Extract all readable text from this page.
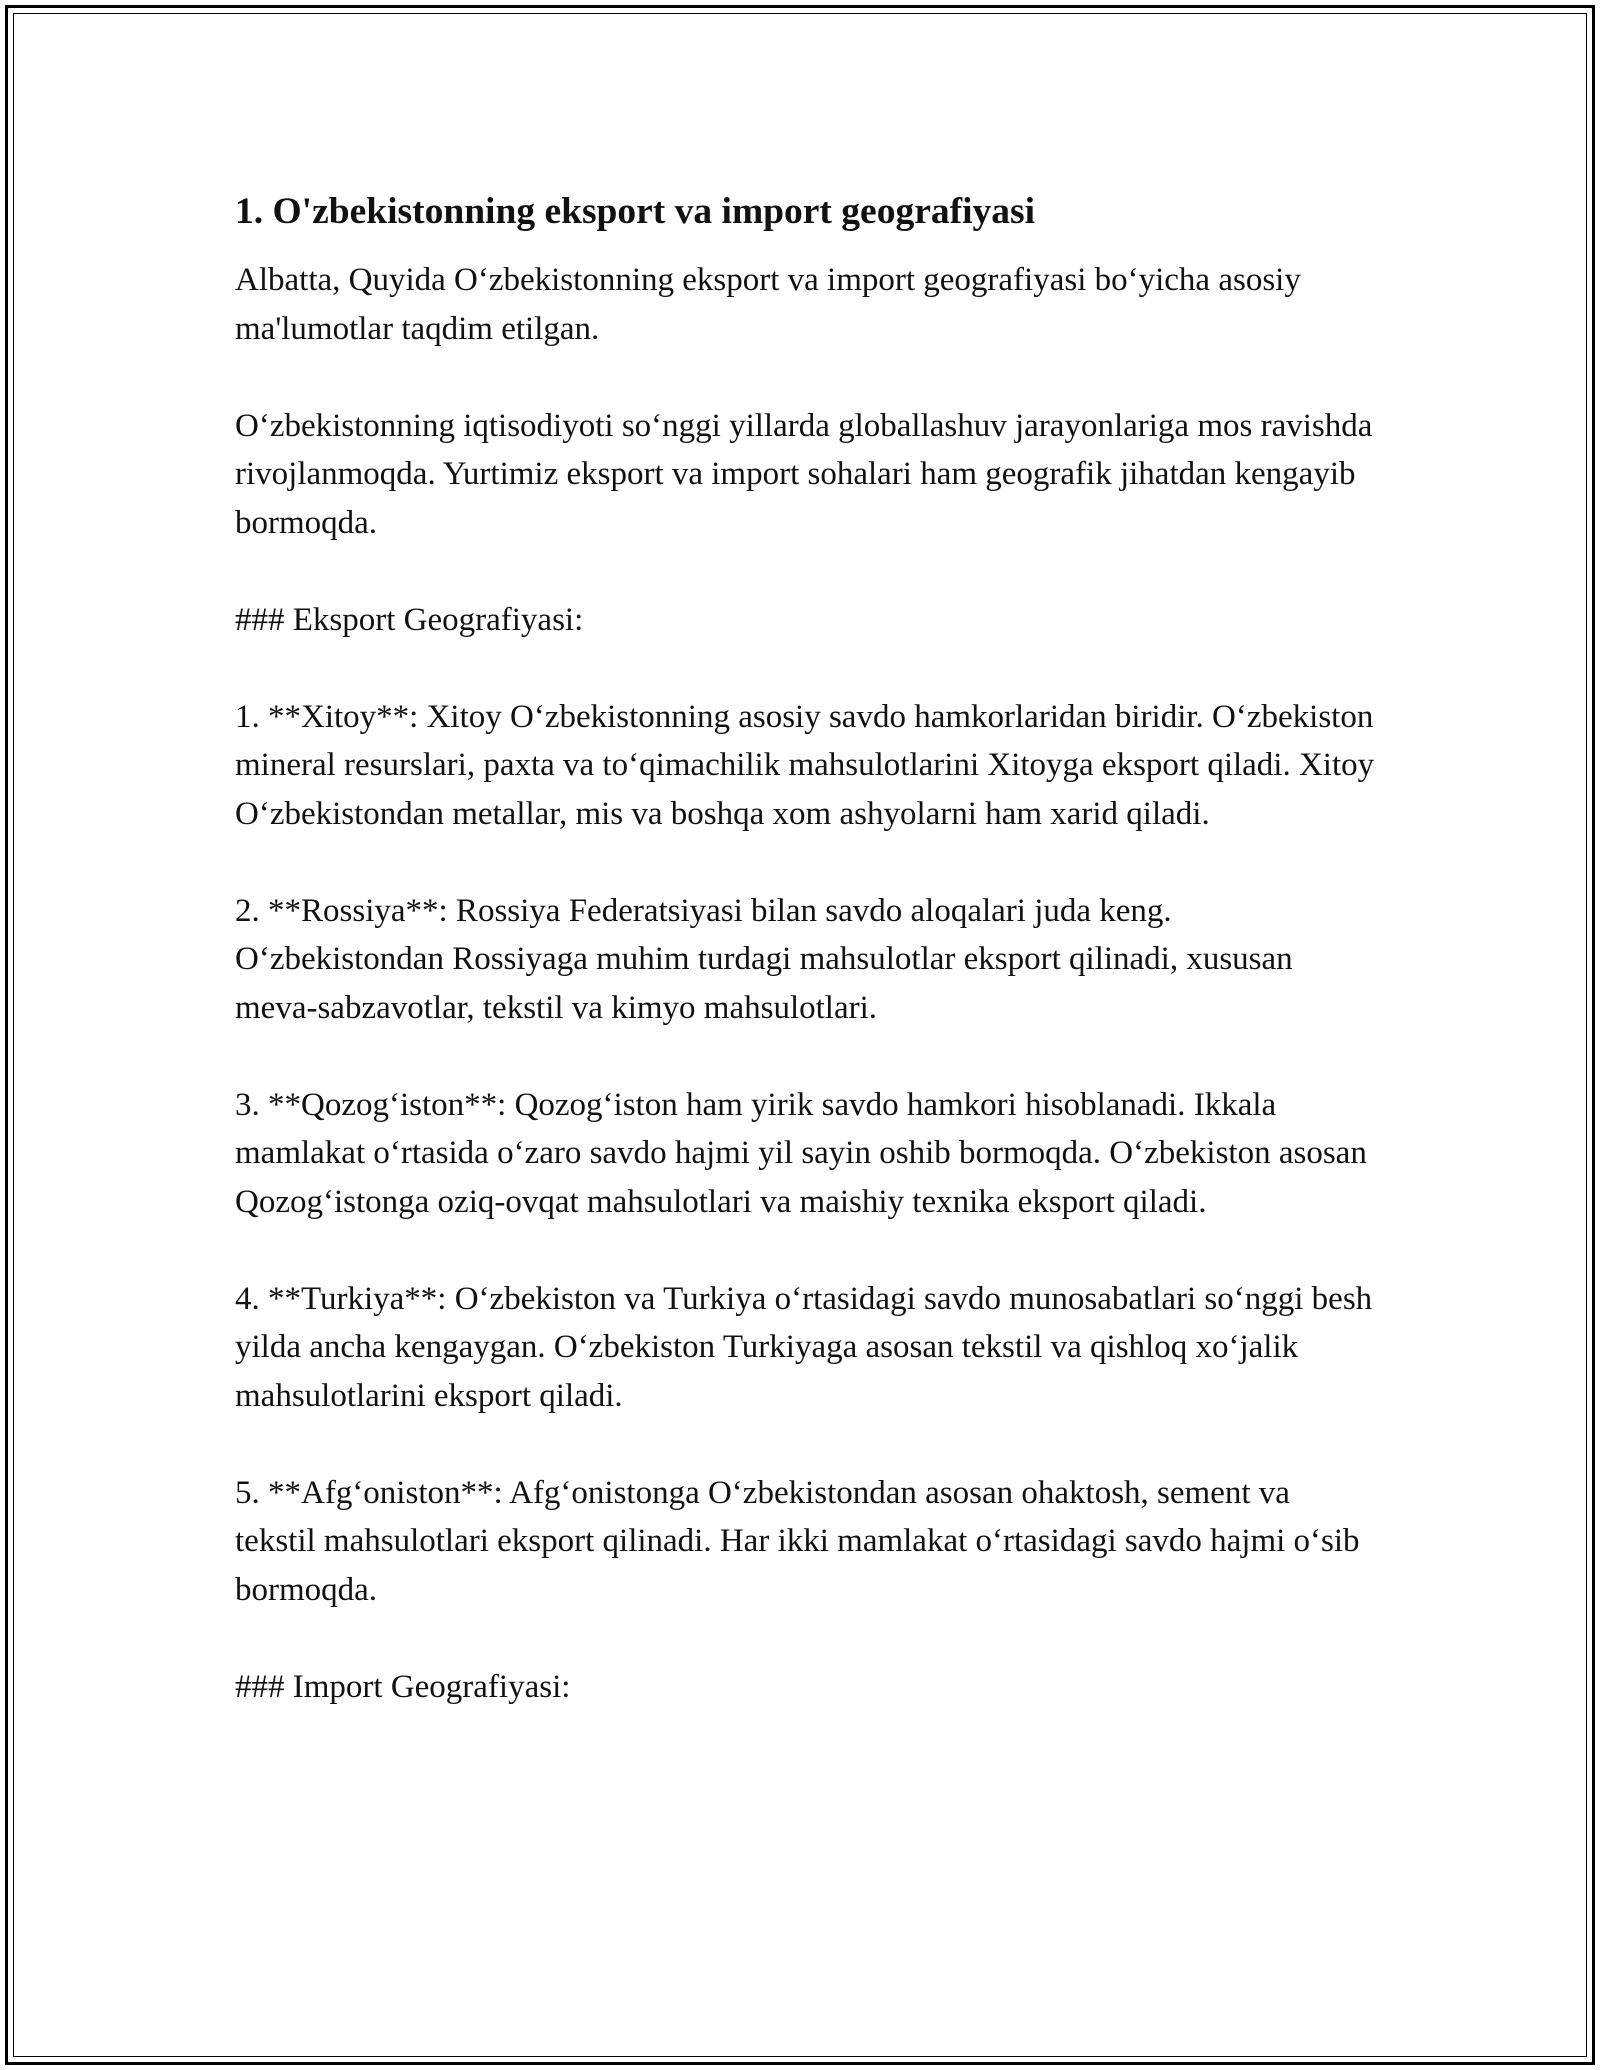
1. O'zbekistonning eksport va import geografiyasi

Albatta, Quyida O‘zbekistonning eksport va import geografiyasi bo‘yicha asosiy ma'lumotlar taqdim etilgan.

O‘zbekistonning iqtisodiyoti so‘nggi yillarda globallashuv jarayonlariga mos ravishda rivojlanmoqda. Yurtimiz eksport va import sohalari ham geografik jihatdan kengayib bormoqda.

### Eksport Geografiyasi:

1. **Xitoy**: Xitoy O‘zbekistonning asosiy savdo hamkorlaridan biridir. O‘zbekiston mineral resurslari, paxta va to‘qimachilik mahsulotlarini Xitoyga eksport qiladi. Xitoy O‘zbekistondan metallar, mis va boshqa xom ashyolarni ham xarid qiladi.

2. **Rossiya**: Rossiya Federatsiyasi bilan savdo aloqalari juda keng. O‘zbekistondan Rossiyaga muhim turdagi mahsulotlar eksport qilinadi, xususan meva-sabzavotlar, tekstil va kimyo mahsulotlari.

3. **Qozog‘iston**: Qozog‘iston ham yirik savdo hamkori hisoblanadi. Ikkala mamlakat o‘rtasida o‘zaro savdo hajmi yil sayin oshib bormoqda. O‘zbekiston asosan Qozog‘istonga oziq-ovqat mahsulotlari va maishiy texnika eksport qiladi.

4. **Turkiya**: O‘zbekiston va Turkiya o‘rtasidagi savdo munosabatlari so‘nggi besh yilda ancha kengaygan. O‘zbekiston Turkiyaga asosan tekstil va qishloq xo‘jalik mahsulotlarini eksport qiladi.

5. **Afg‘oniston**: Afg‘onistonga O‘zbekistondan asosan ohaktosh, sement va tekstil mahsulotlari eksport qilinadi. Har ikki mamlakat o‘rtasidagi savdo hajmi o‘sib bormoqda.

### Import Geografiyasi:
